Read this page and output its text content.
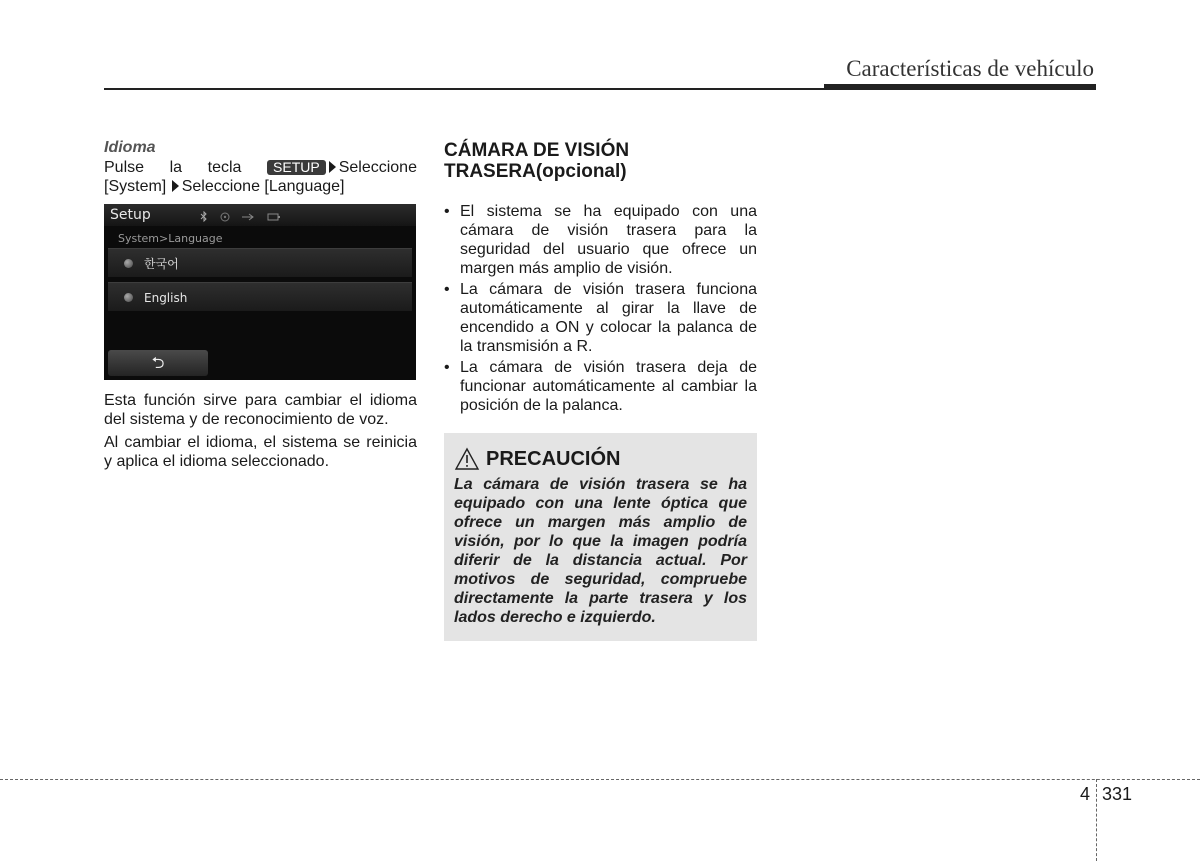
Características de vehículo
Idioma
Pulse la tecla	SETUP Seleccione
[System] Seleccione [Language]
Setup

System>Language
한국어
English
⮌

Esta función sirve para cambiar el idioma del sistema y de reconocimiento de voz.

Al cambiar el idioma, el sistema se reinicia y aplica el idioma seleccionado.

CÁMARA DE VISIÓN
TRASERA(opcional)
• El sistema se ha equipado con una cámara de visión trasera para la seguridad del usuario que ofrece un margen más amplio de visión.
• La cámara de visión trasera funciona automáticamente al girar la llave de encendido a ON y colocar la palanca de la transmisión a R.
• La cámara de visión trasera deja de funcionar automáticamente al cambiar la posición de la palanca.
PRECAUCIÓN
La cámara de visión trasera se ha equipado con una lente óptica que ofrece un margen más amplio de visión, por lo que la imagen podría diferir de la distancia actual. Por motivos de seguridad, compruebe directamente la parte trasera y los lados derecho e izquierdo.
4 331
